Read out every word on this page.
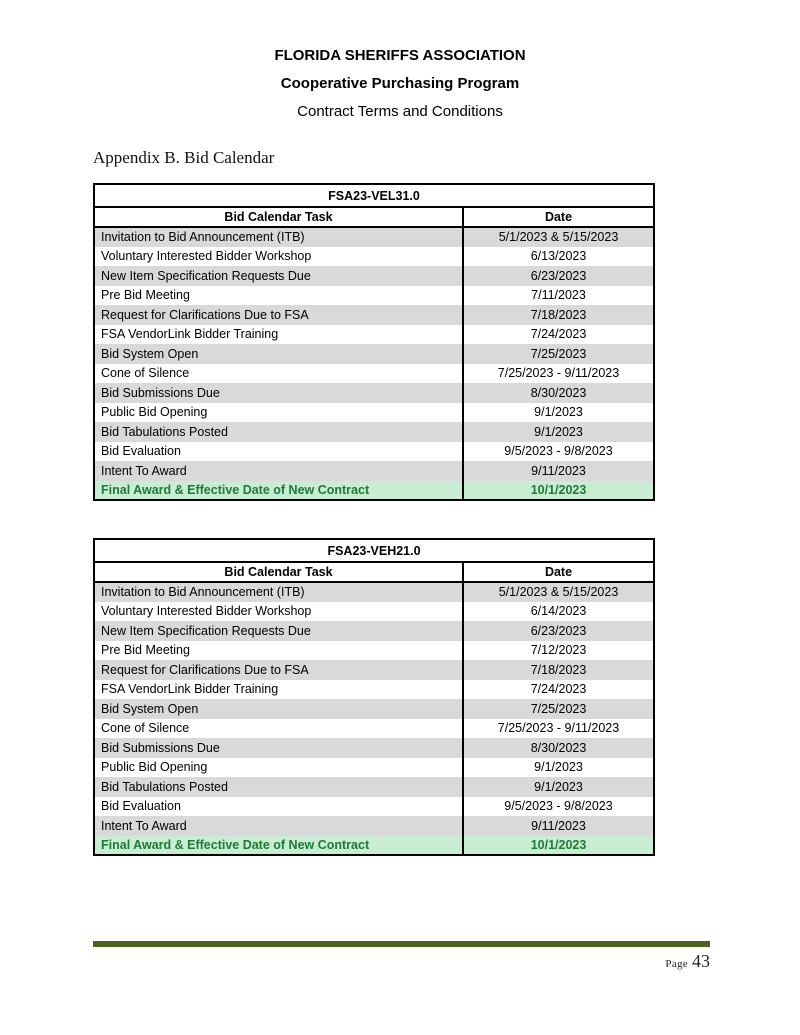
FLORIDA SHERIFFS ASSOCIATION
Cooperative Purchasing Program
Contract Terms and Conditions
Appendix B. Bid Calendar
FSA23-VEL31.0	
Bid Calendar Task	Date
Invitation to Bid Announcement (ITB)	5/1/2023 & 5/15/2023
Voluntary Interested Bidder Workshop	6/13/2023
New Item Specification Requests Due	6/23/2023
Pre Bid Meeting	7/11/2023
Request for Clarifications Due to FSA	7/18/2023
FSA VendorLink Bidder Training	7/24/2023
Bid System Open	7/25/2023
Cone of Silence	7/25/2023 - 9/11/2023
Bid Submissions Due	8/30/2023
Public Bid Opening	9/1/2023
Bid Tabulations Posted	9/1/2023
Bid Evaluation	9/5/2023 - 9/8/2023
Intent To Award	9/11/2023
Final Award & Effective Date of New Contract	10/1/2023
FSA23-VEH21.0	
Bid Calendar Task	Date
Invitation to Bid Announcement (ITB)	5/1/2023 & 5/15/2023
Voluntary Interested Bidder Workshop	6/14/2023
New Item Specification Requests Due	6/23/2023
Pre Bid Meeting	7/12/2023
Request for Clarifications Due to FSA	7/18/2023
FSA VendorLink Bidder Training	7/24/2023
Bid System Open	7/25/2023
Cone of Silence	7/25/2023 - 9/11/2023
Bid Submissions Due	8/30/2023
Public Bid Opening	9/1/2023
Bid Tabulations Posted	9/1/2023
Bid Evaluation	9/5/2023 - 9/8/2023
Intent To Award	9/11/2023
Final Award & Effective Date of New Contract	10/1/2023
Page 43
